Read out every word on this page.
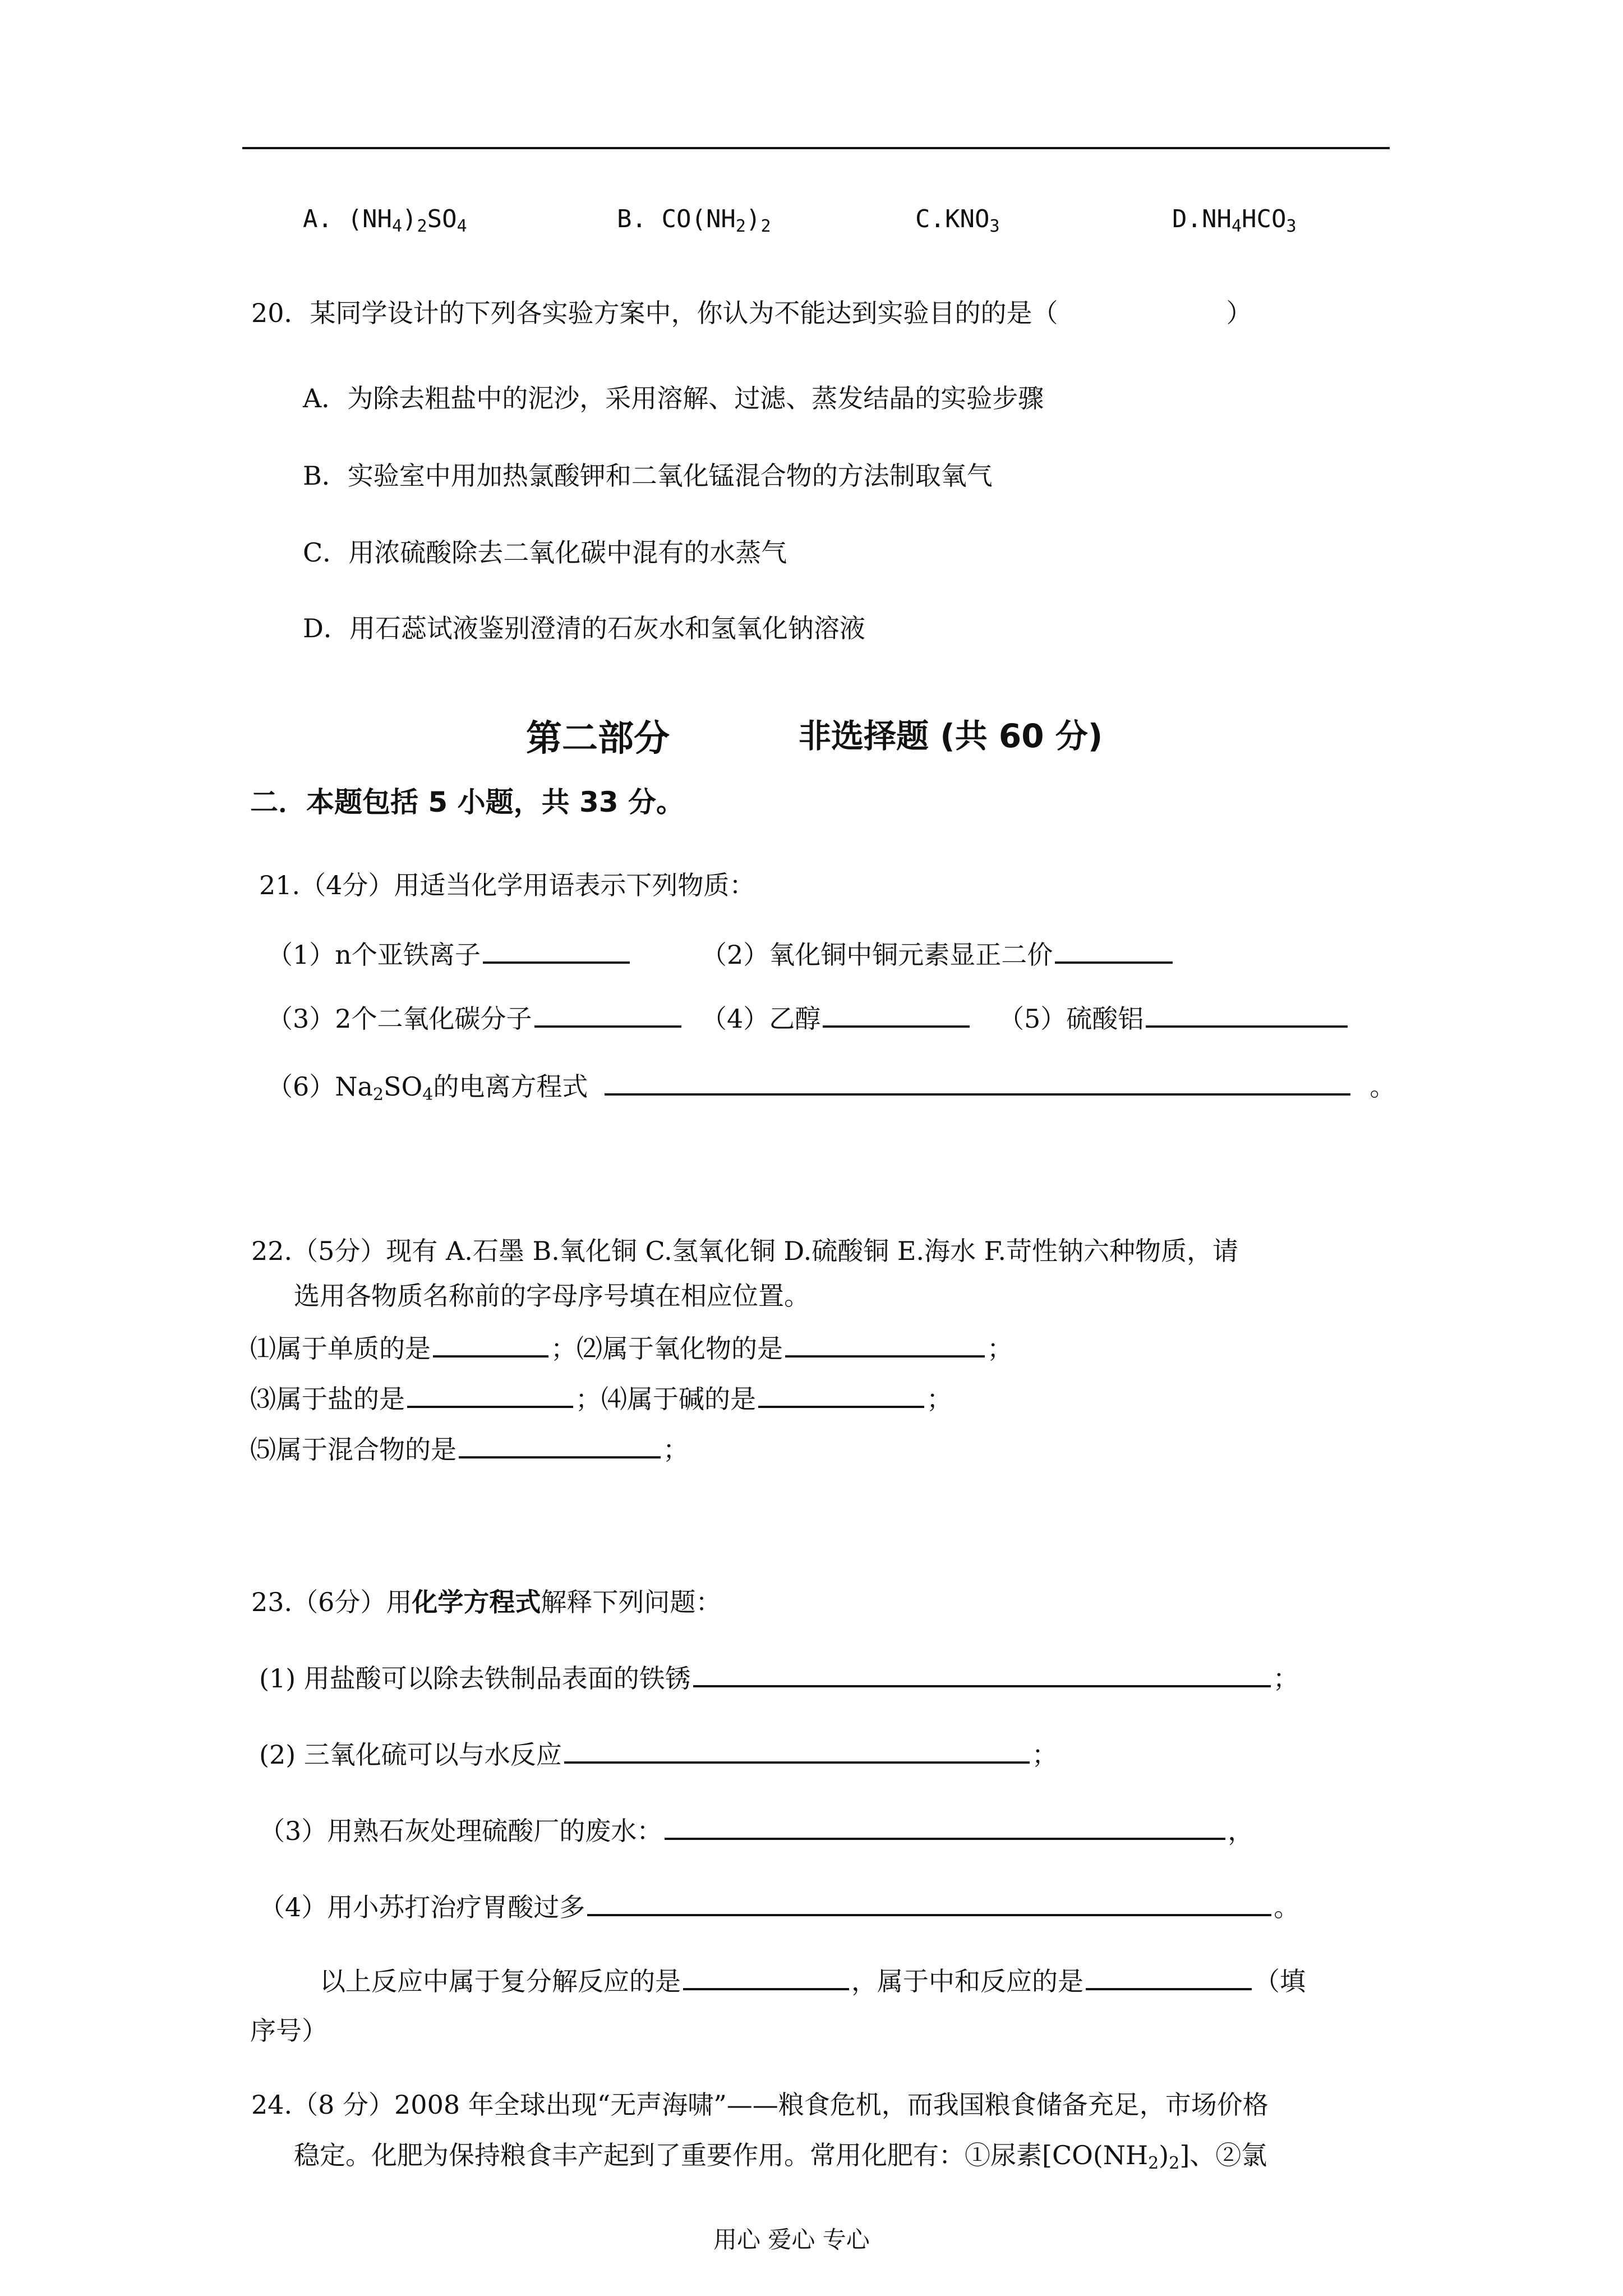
A. $(NH_4)_2SO_4$	B. $CO(NH_2)_2$	$C.KNO_3$	$D.NH_4HCO_3$
20．某同学设计的下列各实验方案中，你认为不能达到实验目的的是（	）
A．为除去粗盐中的泥沙，采用溶解、过滤、蒸发结晶的实验步骤
B．实验室中用加热氯酸钾和二氧化锰混合物的方法制取氧气
C．用浓硫酸除去二氧化碳中混有的水蒸气
D．用石蕊试液鉴别澄清的石灰水和氢氧化钠溶液
第二部分	非选择题 (共 60 分)
二．本题包括 5 小题，共 33 分。
21.（4分）用适当化学用语表示下列物质：
（1）n个亚铁离子	（2）氧化铜中铜元素显正二价
（3）2个二氧化碳分子	（4）乙醇	（5）硫酸铝
$(6)Na_2SO_4$的电离方程式	。
22.（5分）现有 A.石墨 B.氧化铜 C.氢氧化铜 D.硫酸铜 E.海水 F.苛性钠六种物质，请
选用各物质名称前的字母序号填在相应位置。
⑴属于单质的是	；⑵属于氧化物的是	；
⑶属于盐的是	；⑷属于碱的是	；
⑸属于混合物的是	；
23.（6分）用化学方程式解释下列问题：
(1) 用盐酸可以除去铁制品表面的铁锈	；
(2) 三氧化硫可以与水反应	；
（3）用熟石灰处理硫酸厂的废水：	，
（4）用小苏打治疗胃酸过多	。
以上反应中属于复分解反应的是	，属于中和反应的是	（填
序号）
24.（8 分）2008 年全球出现“无声海啸”——粮食危机，而我国粮食储备充足，市场价格
稳定。化肥为保持粮食丰产起到了重要作用。常用化肥有：①尿素$[CO(NH_2)_2]$、②氯
用心 爱心 专心
